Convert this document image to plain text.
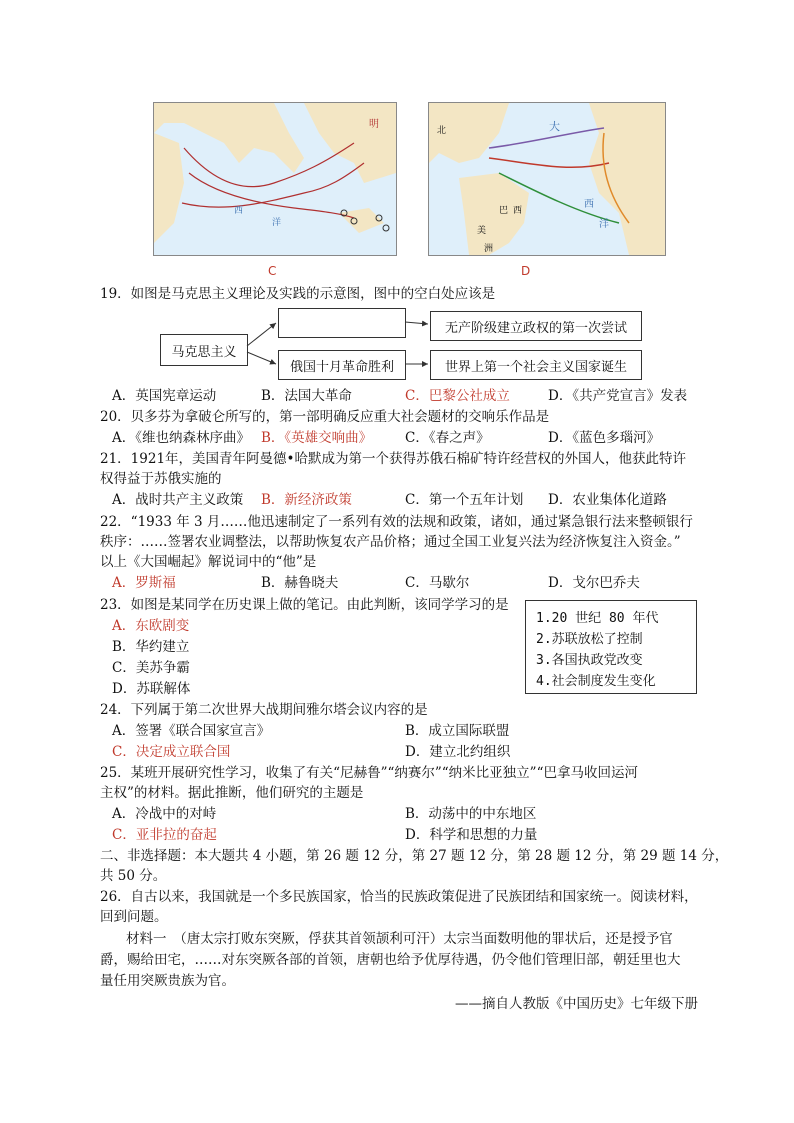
明
西
洋
C
北	大
西
洋
美
巴 西
洲
D
19．如图是马克思主义理论及实践的示意图，图中的空白处应该是
马克思主义
俄国十月革命胜利
无产阶级建立政权的第一次尝试
世界上第一个社会主义国家诞生
A．英国宪章运动	B．法国大革命	C．巴黎公社成立	D．《共产党宣言》发表
20．贝多芬为拿破仑所写的，第一部明确反应重大社会题材的交响乐作品是
A．《维也纳森林序曲》 B．《英雄交响曲》 C．《春之声》	D．《蓝色多瑙河》
21．1921年，美国青年阿曼德•哈默成为第一个获得苏俄石棉矿特许经营权的外国人，他获此特许
权得益于苏俄实施的
A．战时共产主义政策 B．新经济政策	C．第一个五年计划 D．农业集体化道路
22．“1933 年 3 月……他迅速制定了一系列有效的法规和政策，诸如，通过紧急银行法来整顿银行
秩序：……签署农业调整法，以帮助恢复农产品价格；通过全国工业复兴法为经济恢复注入资金。”
以上《大国崛起》解说词中的“他”是
A．罗斯福	B．赫鲁晓夫	C．马歇尔	D．戈尔巴乔夫
23．如图是某同学在历史课上做的笔记。由此判断，该同学学习的是
A．东欧剧变
B．华约建立
C．美苏争霸
D．苏联解体
1.20 世纪 80 年代
2.苏联放松了控制
3.各国执政党改变
4.社会制度发生变化
24．下列属于第二次世界大战期间雅尔塔会议内容的是
A．签署《联合国家宣言》	B．成立国际联盟
C．决定成立联合国	D．建立北约组织
25．某班开展研究性学习，收集了有关“尼赫鲁”“纳赛尔”“纳米比亚独立”“巴拿马收回运河
主权”的材料。据此推断，他们研究的主题是
A．冷战中的对峙	B．动荡中的中东地区
C．亚非拉的奋起	D．科学和思想的力量
二、非选择题：本大题共 4 小题，第 26 题 12 分，第 27 题 12 分，第 28 题 12 分，第 29 题 14 分，
共 50 分。
26．自古以来，我国就是一个多民族国家，恰当的民族政策促进了民族团结和国家统一。阅读材料，
回到问题。
材料一　（唐太宗打败东突厥，俘获其首领颉利可汗）太宗当面数明他的罪状后，还是授予官
爵，赐给田宅，……对东突厥各部的首领，唐朝也给予优厚待遇，仍令他们管理旧部，朝廷里也大
量任用突厥贵族为官。
——摘自人教版《中国历史》七年级下册
